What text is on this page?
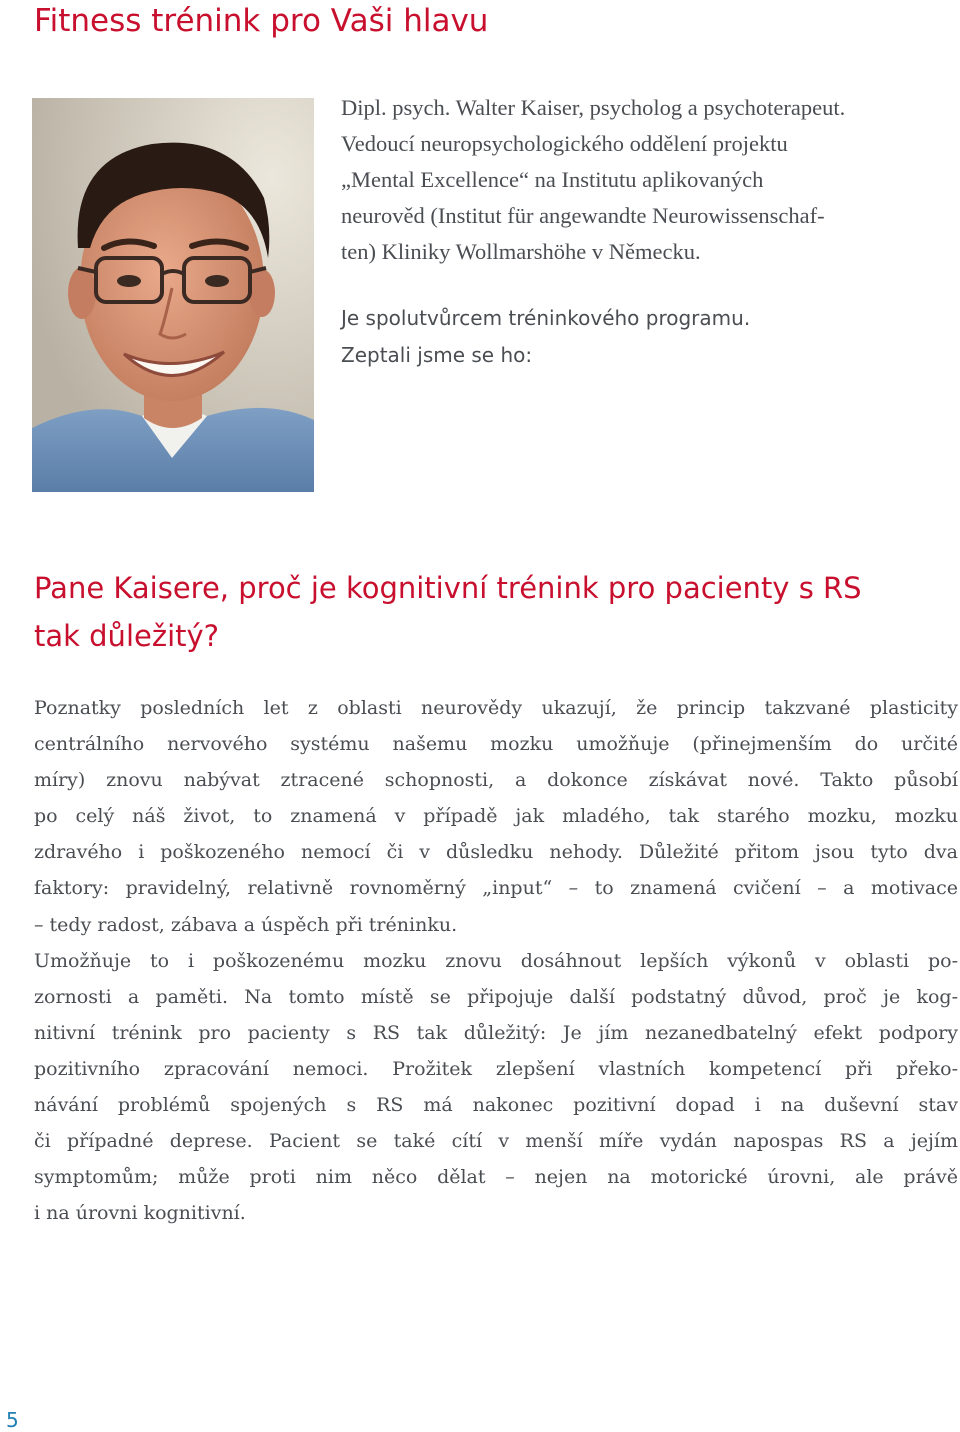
Fitness trénink pro Vaši hlavu
Dipl. psych. Walter Kaiser, psycholog a psychoterapeut.
Vedoucí neuropsychologického oddělení projektu
„Mental Excellence“ na Institutu aplikovaných
neurověd (Institut für angewandte Neurowissenschaf-
ten) Kliniky Wollmarshöhe v Německu.
Je spolutvůrcem tréninkového programu.
Zeptali jsme se ho:
Pane Kaisere, proč je kognitivní trénink pro pacienty s RS
tak důležitý?
Poznatky posledních let z oblasti neurovědy ukazují, že princip takzvané plasticity
centrálního nervového systému našemu mozku umožňuje (přinejmenším do určité
míry) znovu nabývat ztracené schopnosti, a dokonce získávat nové. Takto působí
po celý náš život, to znamená v případě jak mladého, tak starého mozku, mozku
zdravého i poškozeného nemocí či v důsledku nehody. Důležité přitom jsou tyto dva
faktory: pravidelný, relativně rovnoměrný „input“ – to znamená cvičení – a motivace
– tedy radost, zábava a úspěch při tréninku.
Umožňuje to i poškozenému mozku znovu dosáhnout lepších výkonů v oblasti po-
zornosti a paměti. Na tomto místě se připojuje další podstatný důvod, proč je kog-
nitivní trénink pro pacienty s RS tak důležitý: Je jím nezanedbatelný efekt podpory
pozitivního zpracování nemoci. Prožitek zlepšení vlastních kompetencí při překo-
návání problémů spojených s RS má nakonec pozitivní dopad i na duševní stav
či případné deprese. Pacient se také cítí v menší míře vydán napospas RS a jejím
symptomům; může proti nim něco dělat – nejen na motorické úrovni, ale právě
i na úrovni kognitivní.
5
